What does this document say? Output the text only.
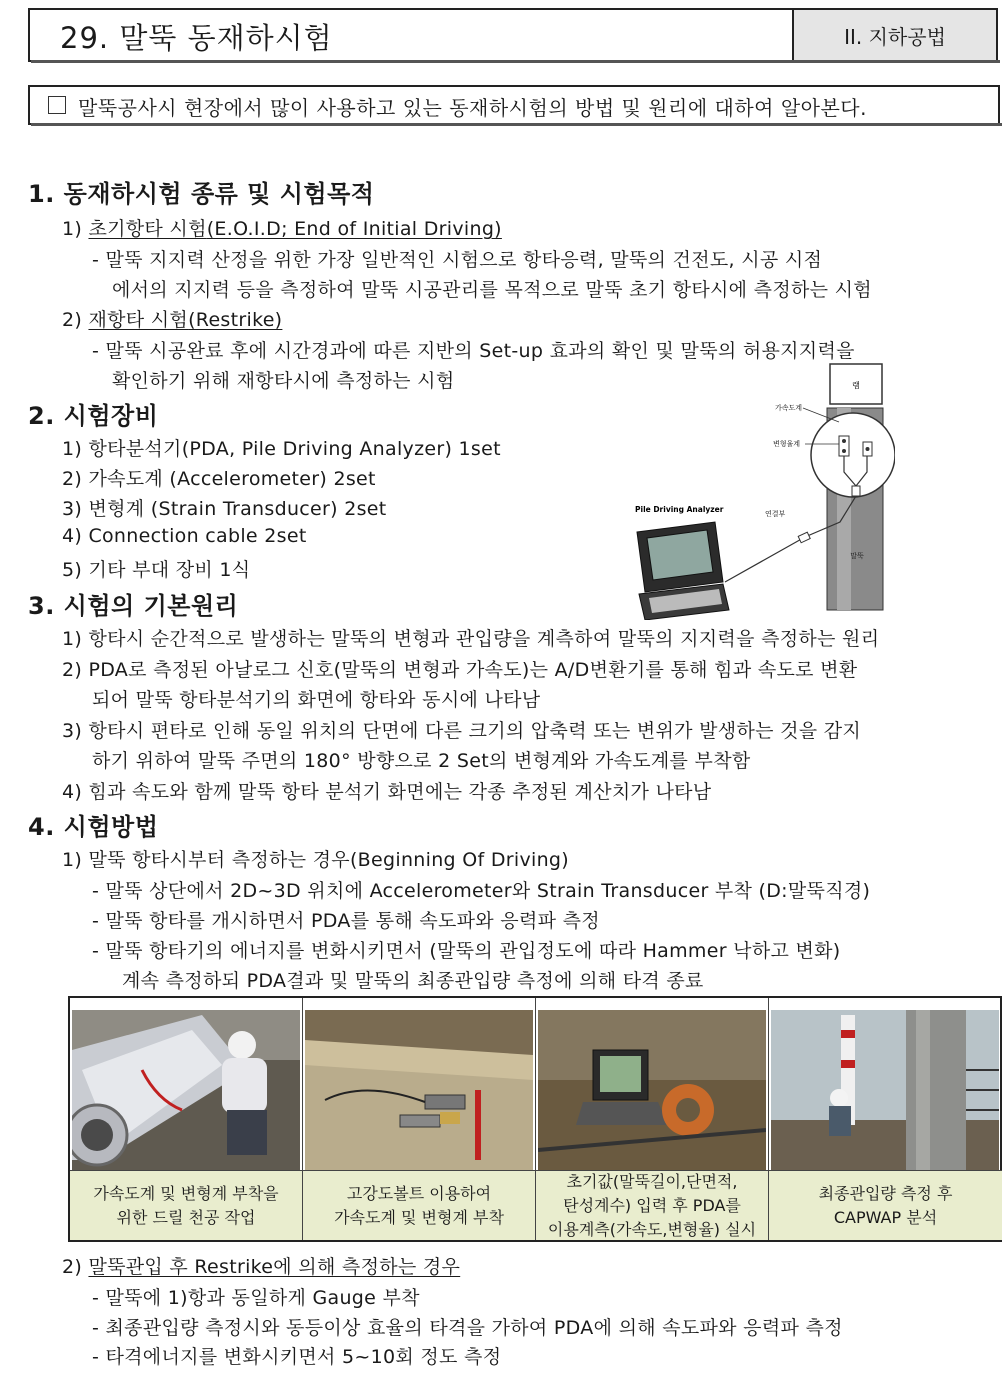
29. 말뚝 동재하시험	II. 지하공법
말뚝공사시 현장에서 많이 사용하고 있는 동재하시험의 방법 및 원리에 대하여 알아본다.
1. 동재하시험 종류 및 시험목적
1) 초기항타 시험(E.O.I.D; End of Initial Driving)
- 말뚝 지지력 산정을 위한 가장 일반적인 시험으로 항타응력, 말뚝의 건전도, 시공 시점
에서의 지지력 등을 측정하여 말뚝 시공관리를 목적으로 말뚝 초기 항타시에 측정하는 시험
2) 재항타 시험(Restrike)
- 말뚝 시공완료 후에 시간경과에 따른 지반의 Set-up 효과의 확인 및 말뚝의 허용지지력을
확인하기 위해 재항타시에 측정하는 시험
2. 시험장비
1) 항타분석기(PDA, Pile Driving Analyzer) 1set
2) 가속도계 (Accelerometer) 2set
3) 변형계 (Strain Transducer) 2set
4) Connection cable 2set
5) 기타 부대 장비 1식
램
말뚝
가속도계
변형율계
연결부
Pile Driving Analyzer
3. 시험의 기본원리
1) 항타시 순간적으로 발생하는 말뚝의 변형과 관입량을 계측하여 말뚝의 지지력을 측정하는 원리
2) PDA로 측정된 아날로그 신호(말뚝의 변형과 가속도)는 A/D변환기를 통해 힘과 속도로 변환
되어 말뚝 항타분석기의 화면에 항타와 동시에 나타남
3) 항타시 편타로 인해 동일 위치의 단면에 다른 크기의 압축력 또는 변위가 발생하는 것을 감지
하기 위하여 말뚝 주면의 180° 방향으로 2 Set의 변형계와 가속도계를 부착함
4) 힘과 속도와 함께 말뚝 항타 분석기 화면에는 각종 추정된 계산치가 나타남
4. 시험방법
1) 말뚝 항타시부터 측정하는 경우(Beginning Of Driving)
- 말뚝 상단에서 2D~3D 위치에 Accelerometer와 Strain Transducer 부착 (D:말뚝직경)
- 말뚝 항타를 개시하면서 PDA를 통해 속도파와 응력파 측정
- 말뚝 항타기의 에너지를 변화시키면서 (말뚝의 관입정도에 따라 Hammer 낙하고 변화)
계속 측정하되 PDA결과 및 말뚝의 최종관입량 측정에 의해 타격 종료
가속도계 및 변형계 부착을
위한 드릴 천공 작업
고강도볼트 이용하여
가속도계 및 변형계 부착
초기값(말뚝길이,단면적,
탄성계수) 입력 후 PDA를
이용계측(가속도,변형율) 실시
최종관입량 측정 후
CAPWAP 분석
2) 말뚝관입 후 Restrike에 의해 측정하는 경우
- 말뚝에 1)항과 동일하게 Gauge 부착
- 최종관입량 측정시와 동등이상 효율의 타격을 가하여 PDA에 의해 속도파와 응력파 측정
- 타격에너지를 변화시키면서 5~10회 정도 측정
